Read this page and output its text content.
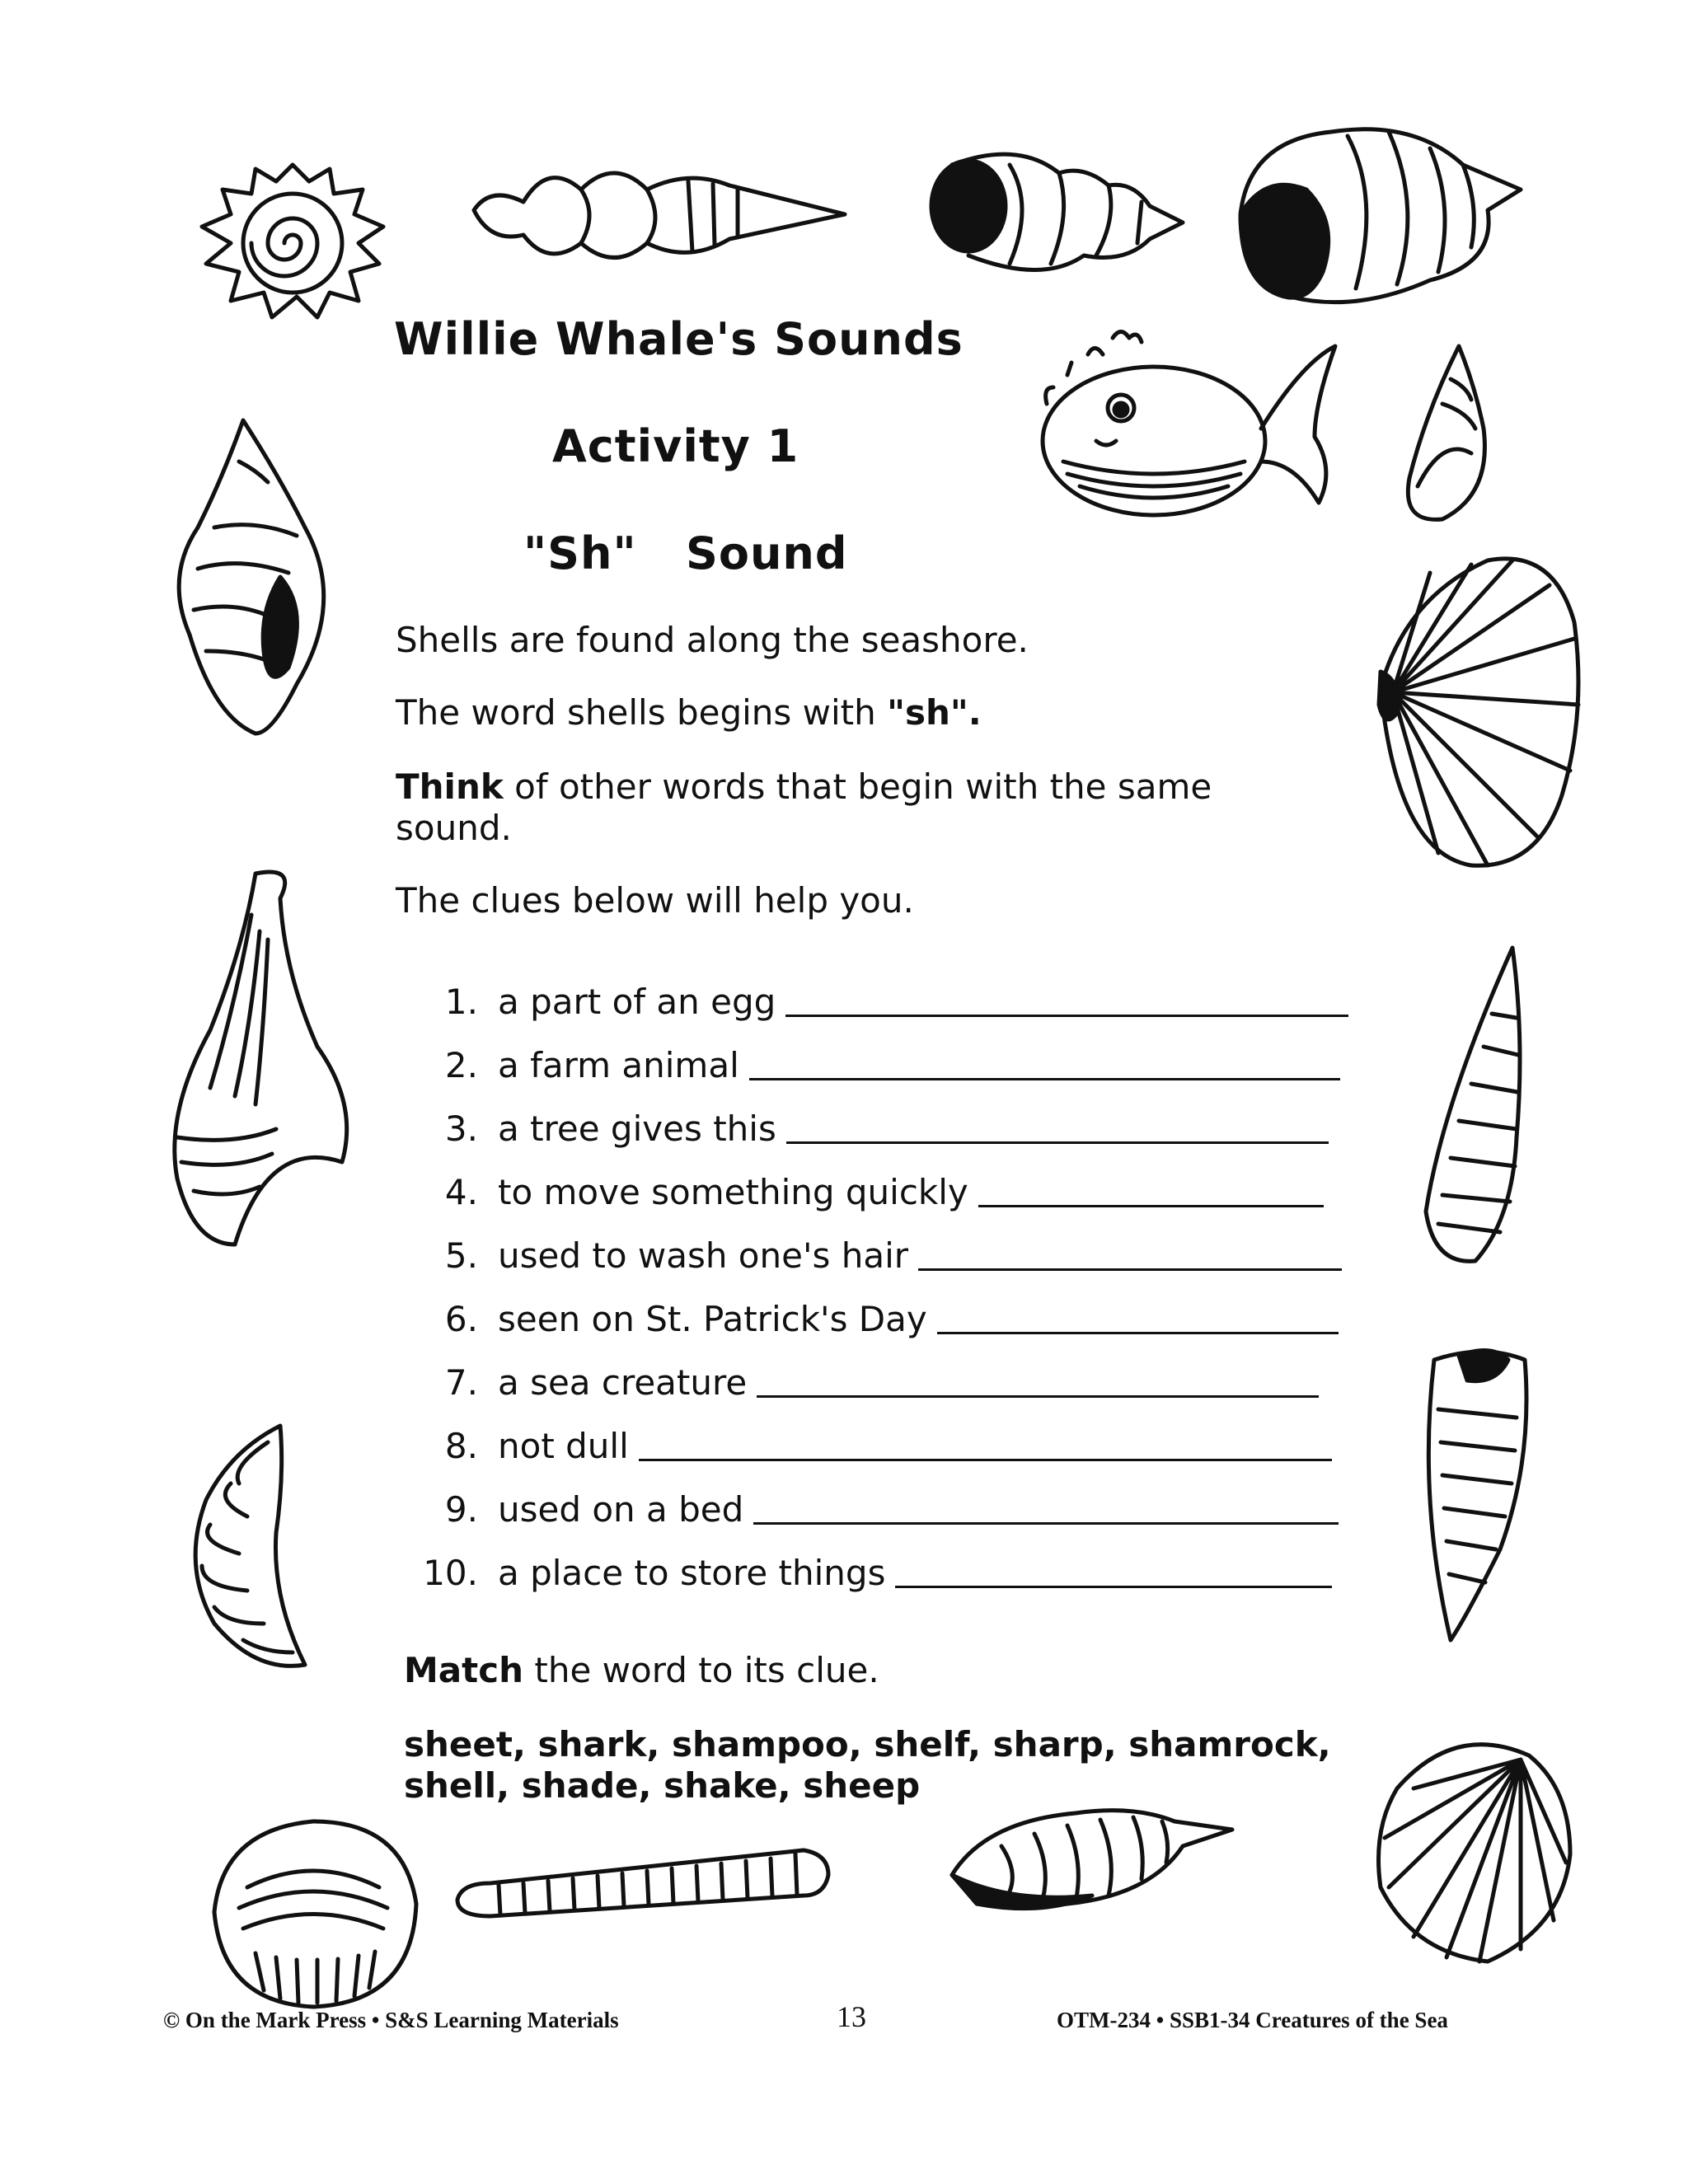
Willie Whale's Sounds
Activity 1
"Sh"   Sound
Shells are found along the seashore.
The word shells begins with "sh".
Think of other words that begin with the same sound.
The clues below will help you.
1. a part of an egg
2. a farm animal
3. a tree gives this
4. to move something quickly
5. used to wash one's hair
6. seen on St. Patrick's Day
7. a sea creature
8. not dull
9. used on a bed
10. a place to store things
Match the word to its clue.
sheet, shark, shampoo, shelf, sharp, shamrock, shell, shade, shake, sheep
© On the Mark Press • S&S Learning Materials	13	OTM-234 • SSB1-34 Creatures of the Sea
